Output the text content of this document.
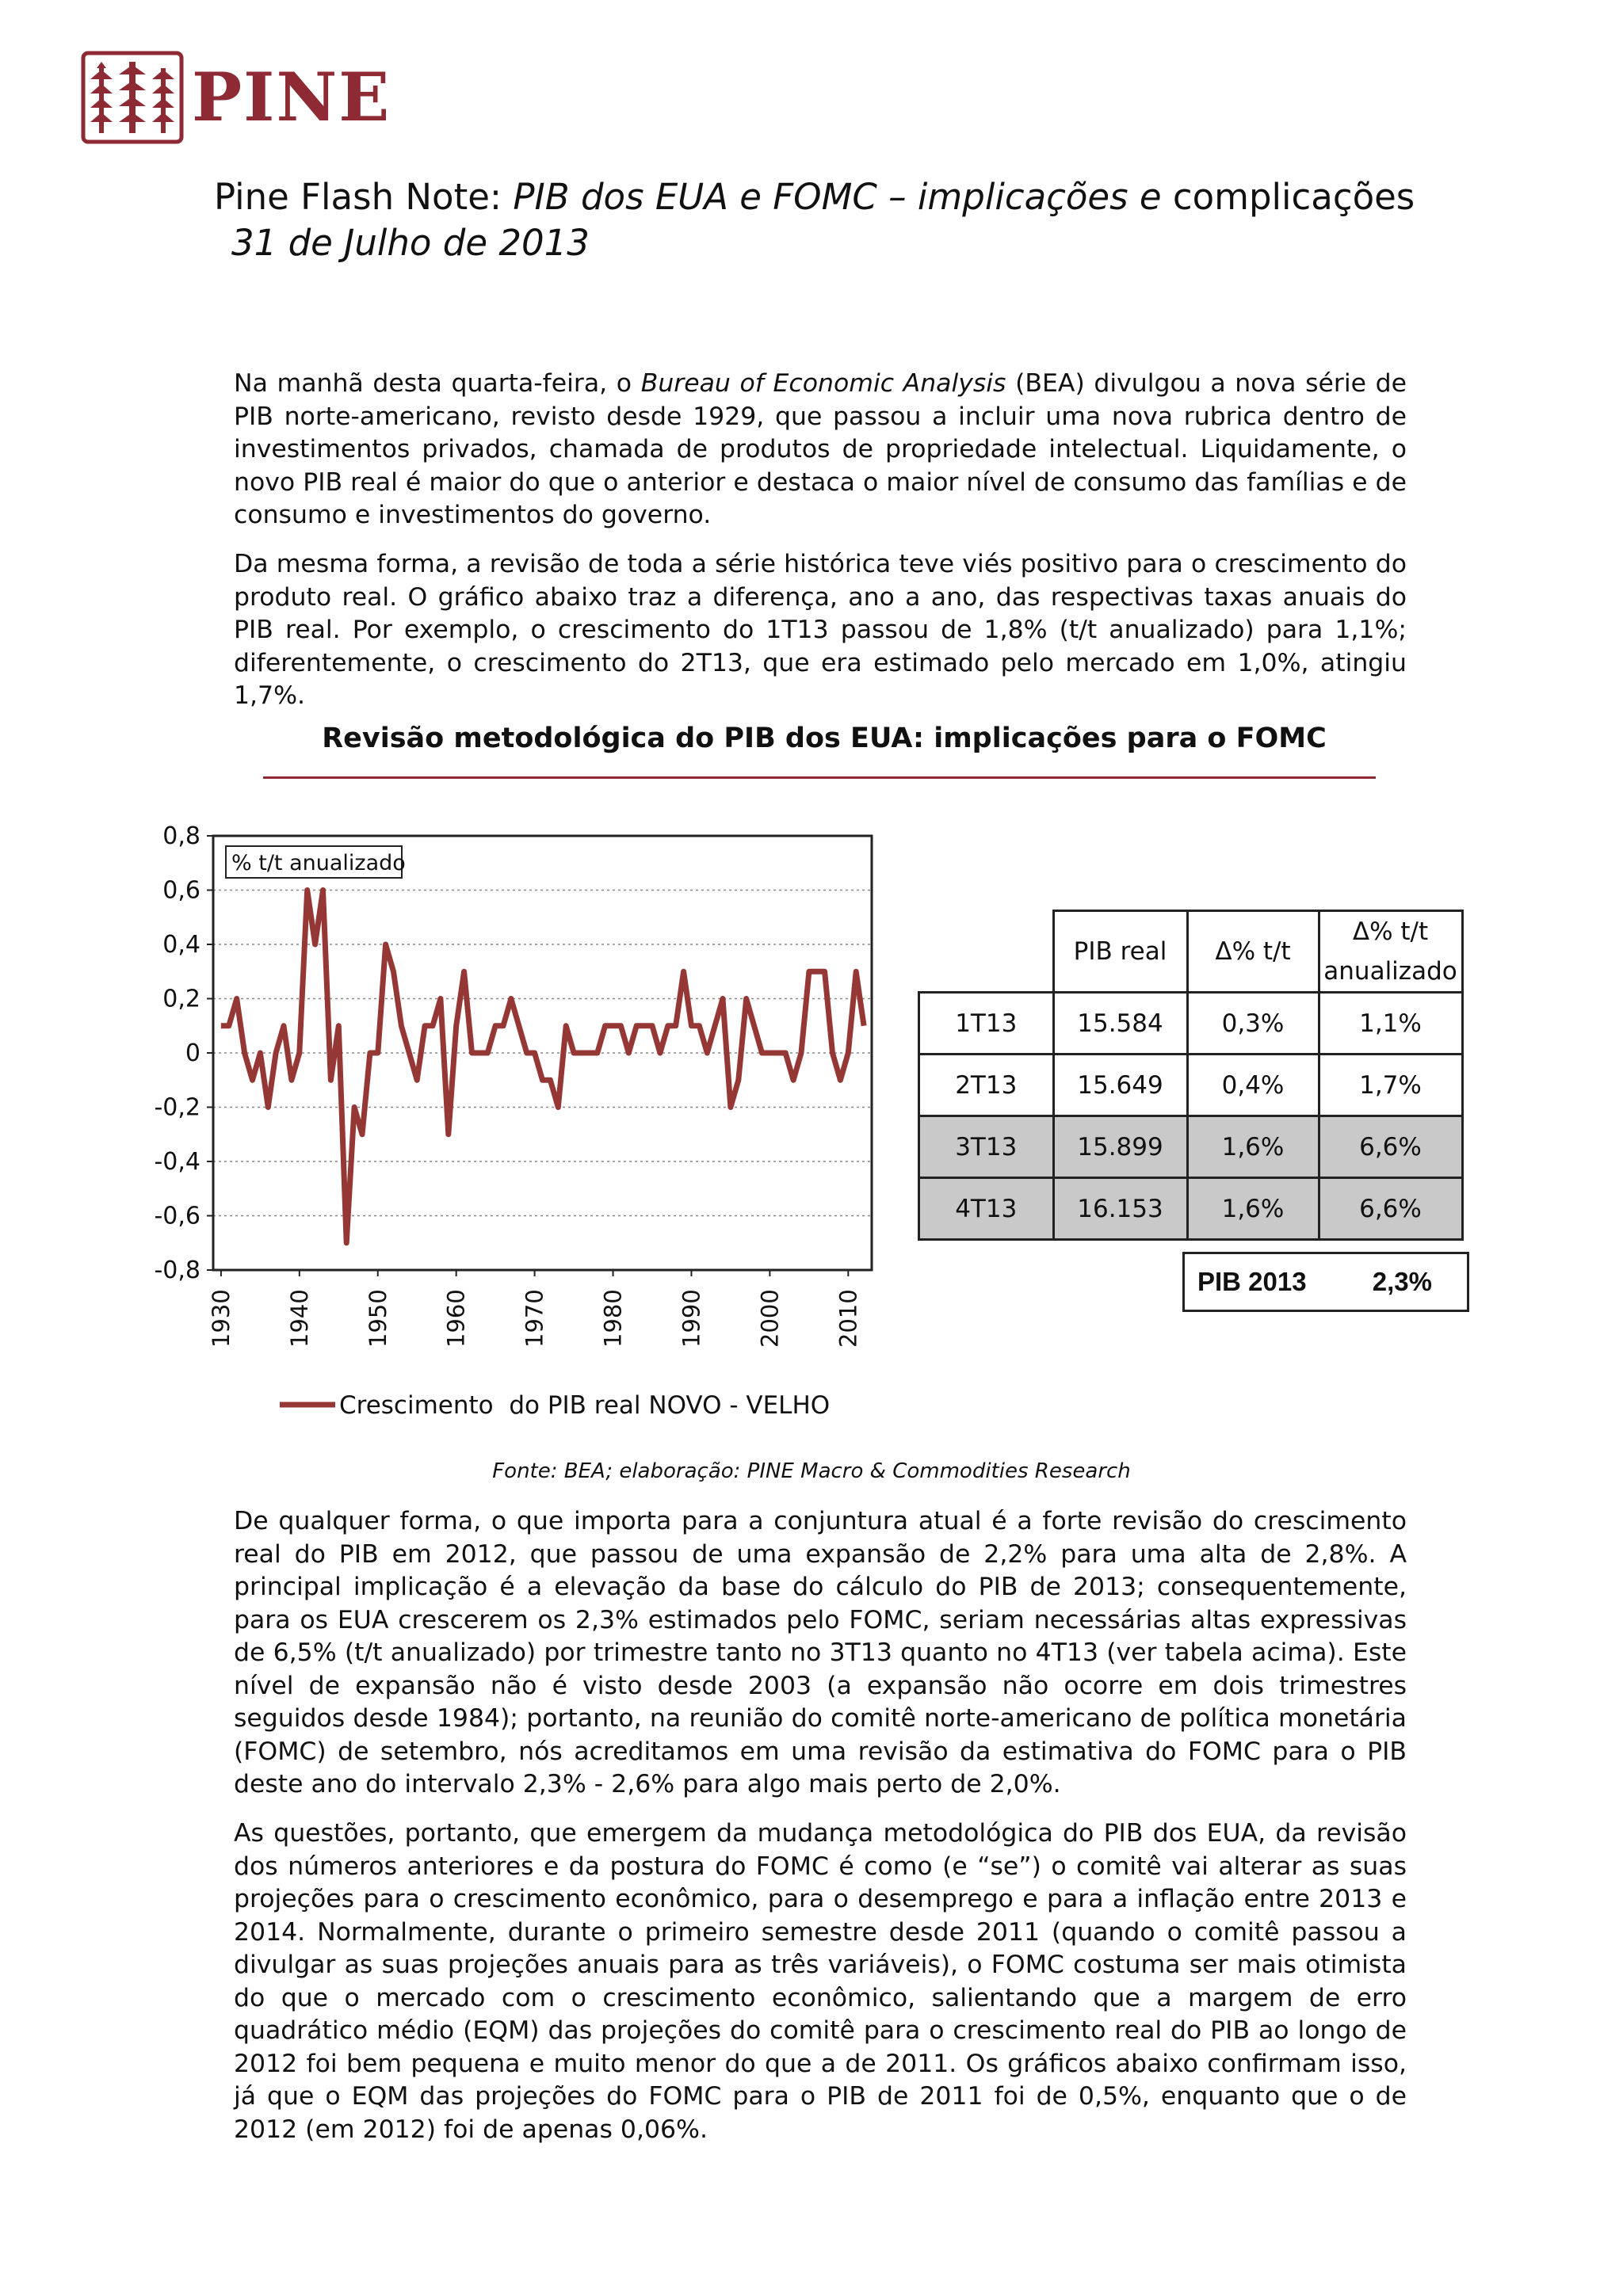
PINE
Pine Flash Note: PIB dos EUA e FOMC – implicações e complicações
31 de Julho de 2013

Na manhã desta quarta-feira, o Bureau of Economic Analysis (BEA) divulgou a nova série de PIB norte-americano, revisto desde 1929, que passou a incluir uma nova rubrica dentro de investimentos privados, chamada de produtos de propriedade intelectual. Liquidamente, o novo PIB real é maior do que o anterior e destaca o maior nível de consumo das famílias e de consumo e investimentos do governo.

Da mesma forma, a revisão de toda a série histórica teve viés positivo para o crescimento do produto real. O gráfico abaixo traz a diferença, ano a ano, das respectivas taxas anuais do PIB real. Por exemplo, o crescimento do 1T13 passou de 1,8% (t/t anualizado) para 1,1%; diferentemente, o crescimento do 2T13, que era estimado pelo mercado em 1,0%, atingiu 1,7%.

Revisão metodológica do PIB dos EUA: implicações para o FOMC
0,8
0,6
0,4
0,2
0
-0,2
-0,4
-0,6
-0,8
1930 1940 1950 1960 1970 1980 1990 2000 2010
% t/t anualizado
Crescimento  do PIB real NOVO - VELHO
	PIB real	Δ% t/t	Δ% t/t
anualizado
1T13	15.584	0,3%	1,1%
2T13	15.649	0,4%	1,7%
3T13	15.899	1,6%	6,6%
4T13	16.153	1,6%	6,6%
PIB 2013	2,3%
Fonte: BEA; elaboração: PINE Macro & Commodities Research

De qualquer forma, o que importa para a conjuntura atual é a forte revisão do crescimento real do PIB em 2012, que passou de uma expansão de 2,2% para uma alta de 2,8%. A principal implicação é a elevação da base do cálculo do PIB de 2013; consequentemente, para os EUA crescerem os 2,3% estimados pelo FOMC, seriam necessárias altas expressivas de 6,5% (t/t anualizado) por trimestre tanto no 3T13 quanto no 4T13 (ver tabela acima). Este nível de expansão não é visto desde 2003 (a expansão não ocorre em dois trimestres seguidos desde 1984); portanto, na reunião do comitê norte-americano de política monetária (FOMC) de setembro, nós acreditamos em uma revisão da estimativa do FOMC para o PIB deste ano do intervalo 2,3% - 2,6% para algo mais perto de 2,0%.

As questões, portanto, que emergem da mudança metodológica do PIB dos EUA, da revisão dos números anteriores e da postura do FOMC é como (e “se”) o comitê vai alterar as suas projeções para o crescimento econômico, para o desemprego e para a inflação entre 2013 e 2014. Normalmente, durante o primeiro semestre desde 2011 (quando o comitê passou a divulgar as suas projeções anuais para as três variáveis), o FOMC costuma ser mais otimista do que o mercado com o crescimento econômico, salientando que a margem de erro quadrático médio (EQM) das projeções do comitê para o crescimento real do PIB ao longo de 2012 foi bem pequena e muito menor do que a de 2011. Os gráficos abaixo confirmam isso, já que o EQM das projeções do FOMC para o PIB de 2011 foi de 0,5%, enquanto que o de 2012 (em 2012) foi de apenas 0,06%.
